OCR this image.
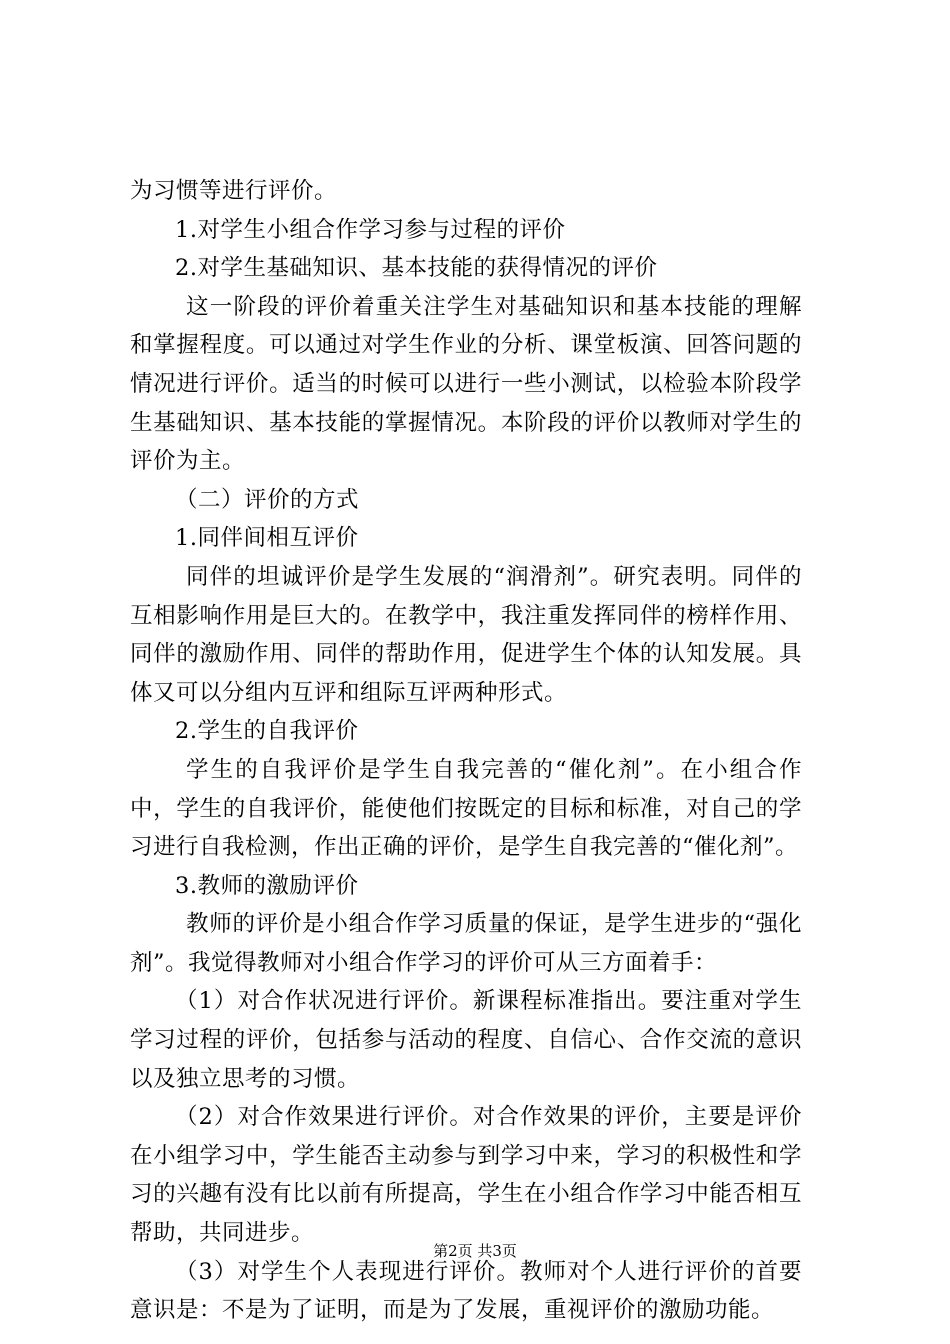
为习惯等进行评价。

1.对学生小组合作学习参与过程的评价

2.对学生基础知识、基本技能的获得情况的评价

这一阶段的评价着重关注学生对基础知识和基本技能的理解和掌握程度。可以通过对学生作业的分析、课堂板演、回答问题的情况进行评价。适当的时候可以进行一些小测试，以检验本阶段学生基础知识、基本技能的掌握情况。本阶段的评价以教师对学生的评价为主。

（二）评价的方式

1.同伴间相互评价

同伴的坦诚评价是学生发展的“润滑剂”。研究表明。同伴的互相影响作用是巨大的。在教学中，我注重发挥同伴的榜样作用、同伴的激励作用、同伴的帮助作用，促进学生个体的认知发展。具体又可以分组内互评和组际互评两种形式。

2.学生的自我评价

学生的自我评价是学生自我完善的“催化剂”。在小组合作中，学生的自我评价，能使他们按既定的目标和标准，对自己的学习进行自我检测，作出正确的评价，是学生自我完善的“催化剂”。

3.教师的激励评价

教师的评价是小组合作学习质量的保证，是学生进步的“强化剂”。我觉得教师对小组合作学习的评价可从三方面着手：

（1）对合作状况进行评价。新课程标准指出。要注重对学生学习过程的评价，包括参与活动的程度、自信心、合作交流的意识以及独立思考的习惯。

（2）对合作效果进行评价。对合作效果的评价，主要是评价在小组学习中，学生能否主动参与到学习中来，学习的积极性和学习的兴趣有没有比以前有所提高，学生在小组合作学习中能否相互帮助，共同进步。

（3）对学生个人表现进行评价。教师对个人进行评价的首要意识是：不是为了证明，而是为了发展，重视评价的激励功能。

第2页 共3页
